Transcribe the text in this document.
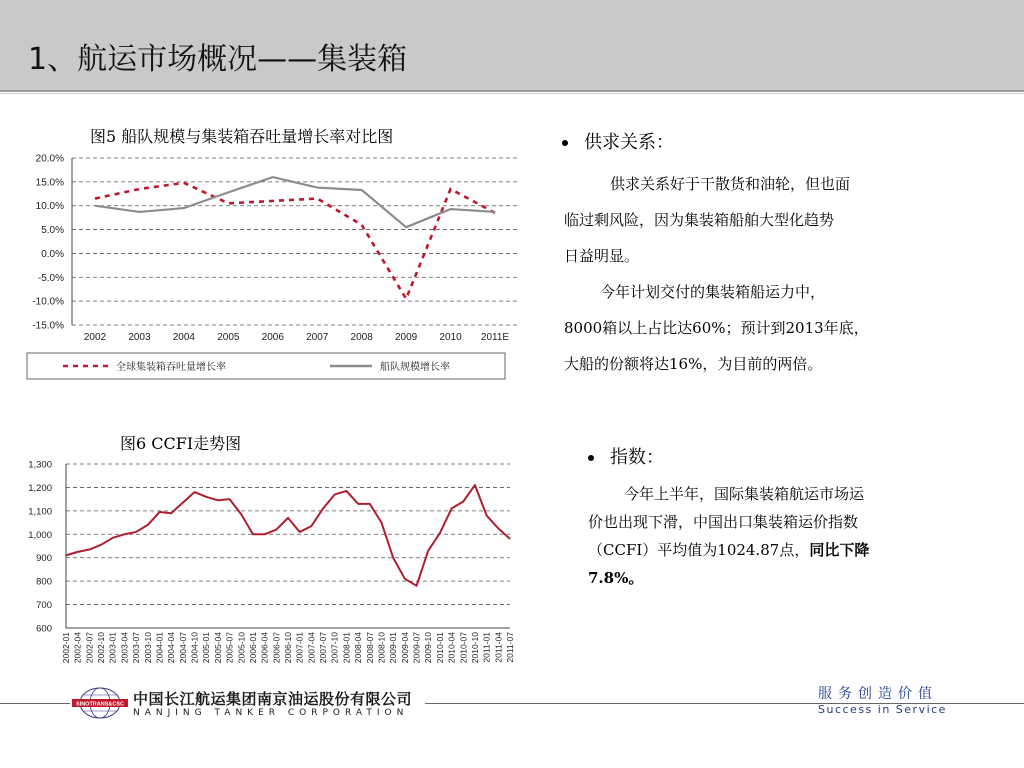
1、航运市场概况——集装箱
图5 船队规模与集装箱吞吐量增长率对比图
20.0%
15.0%
10.0%
5.0%
0.0%
-5.0%
-10.0%
-15.0%
2002 2003 2004 2005 2006 2007 2008 2009 2010 2011E
全球集装箱吞吐量增长率	船队规模增长率
图6 CCFI走势图
1,300
1,200
1,100
1,000
900
800
700
600
2002-01 2002-04 2002-07 2002-10 2003-01 2003-04 2003-07 2003-10 2004-01 2004-04 2004-07 2004-10 2005-01 2005-04 2005-07 2005-10 2006-01 2006-04 2006-07 2006-10 2007-01 2007-04 2007-07 2007-10 2008-01 2008-04 2008-07 2008-10 2009-01 2009-04 2009-07 2009-10 2010-01 2010-04 2010-07 2010-10 2011-01 2011-04 2011-07
供求关系：

供求关系好于干散货和油轮，但也面

临过剩风险，因为集装箱船舶大型化趋势

日益明显。

今年计划交付的集装箱船运力中，

8000箱以上占比达60%；预计到2013年底，

大船的份额将达16%，为目前的两倍。

指数：

今年上半年，国际集装箱航运市场运

价也出现下滑，中国出口集装箱运价指数

（CCFI）平均值为1024.87点，同比下降

7.8%。

SINOTRANS&CSC 中国长江航运集团南京油运股份有限公司
NANJING TANKER CORPORATION
服务创造价值
Success in Service
